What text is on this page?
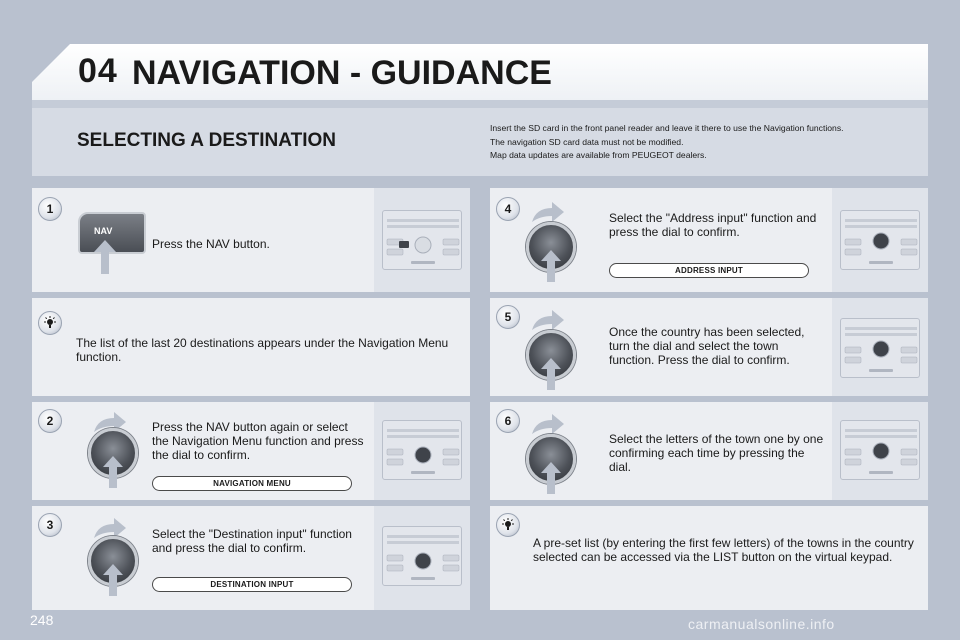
04 NAVIGATION - GUIDANCE
SELECTING A DESTINATION
Insert the SD card in the front panel reader and leave it there to use the Navigation functions.
The navigation SD card data must not be modified.
Map data updates are available from PEUGEOT dealers.
1
NAV
Press the NAV button.
The list of the last 20 destinations appears under the Navigation Menu function.
2	Press the NAV button again or select the Navigation Menu function and press the dial to confirm.
NAVIGATION MENU
3
Select the "Destination input" function and press the dial to confirm.
DESTINATION INPUT
4
Select the "Address input" function and press the dial to confirm.
ADDRESS INPUT
5
Once the country has been selected, turn the dial and select the town function. Press the dial to confirm.
6
Select the letters of the town one by one confirming each time by pressing the dial.
A pre-set list (by entering the first few letters) of the towns in the country selected can be accessed via the LIST button on the virtual keypad.
248	carmanualsonline.info
